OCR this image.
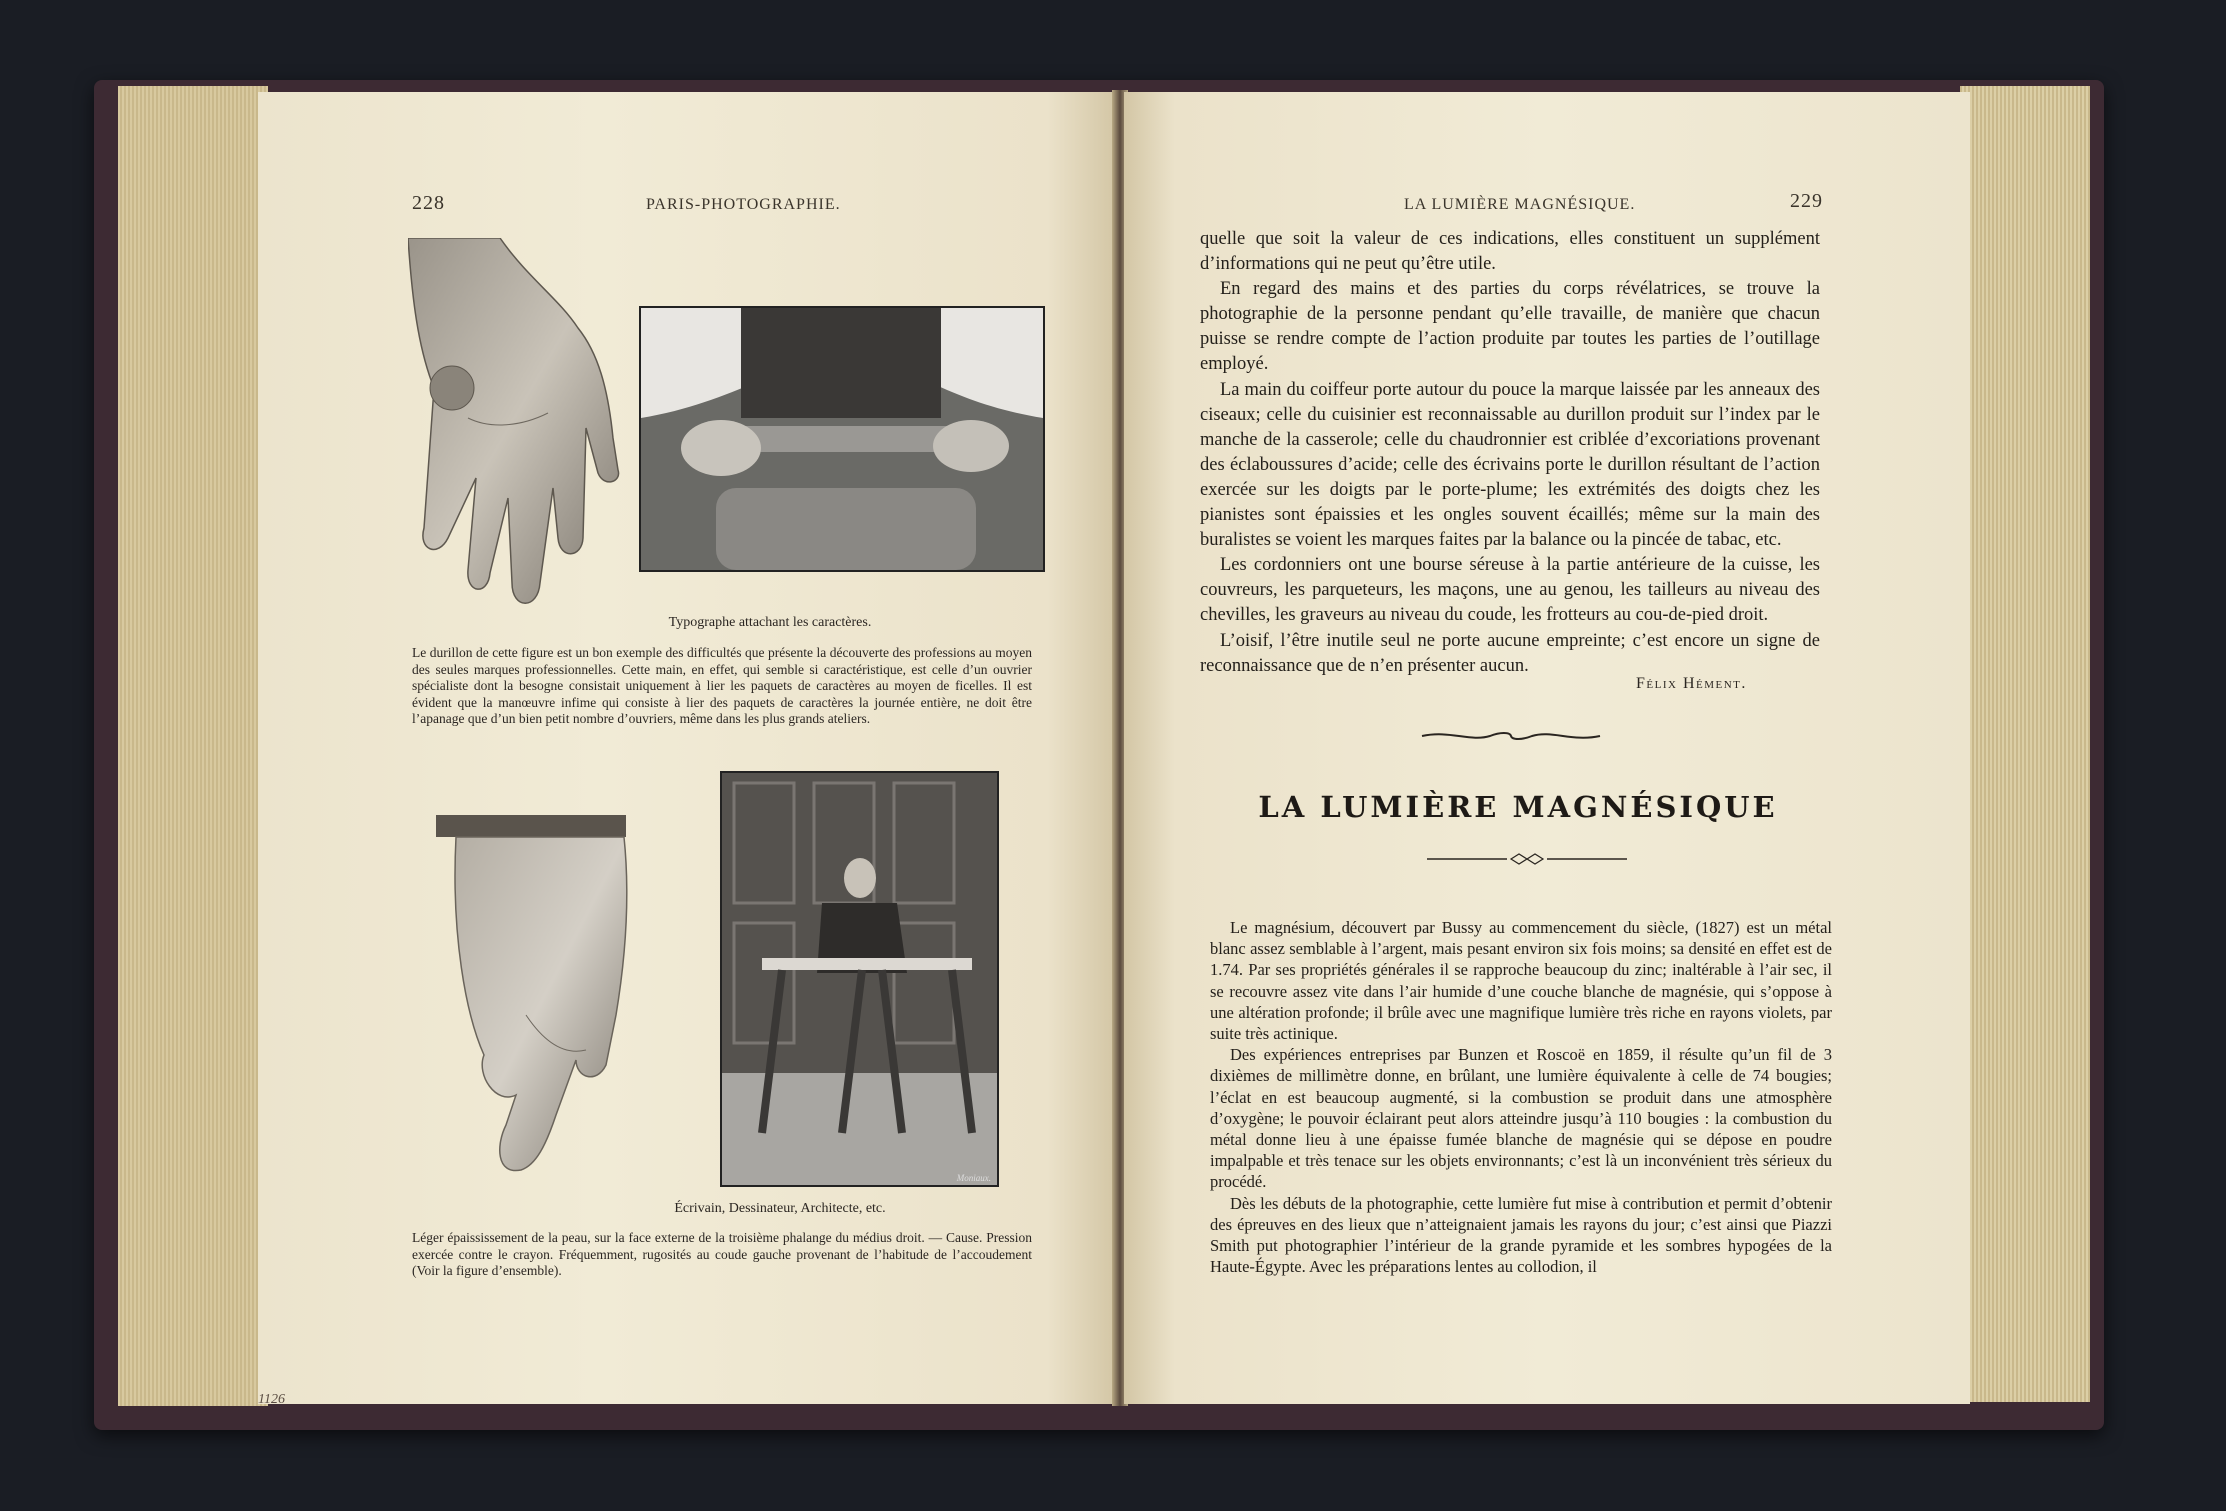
228	PARIS-PHOTOGRAPHIE.
Typographe attachant les caractères.
Le durillon de cette figure est un bon exemple des difficultés que présente la découverte des professions au moyen des seules marques professionnelles. Cette main, en effet, qui semble si caractéristique, est celle d’un ouvrier spécialiste dont la besogne consistait uniquement à lier les paquets de caractères au moyen de ficelles. Il est évident que la manœuvre infime qui consiste à lier des paquets de caractères la journée entière, ne doit être l’apanage que d’un bien petit nombre d’ouvriers, même dans les plus grands ateliers.
Moniaux.
Écrivain, Dessinateur, Architecte, etc.
Léger épaississement de la peau, sur la face externe de la troisième phalange du médius droit. — Cause. Pression exercée contre le crayon. Fréquemment, rugosités au coude gauche provenant de l’habitude de l’accoudement (Voir la figure d’ensemble).
1126
LA LUMIÈRE MAGNÉSIQUE.	229

quelle que soit la valeur de ces indications, elles constituent un supplément d’informations qui ne peut qu’être utile.

En regard des mains et des parties du corps révélatrices, se trouve la photographie de la personne pendant qu’elle travaille, de manière que chacun puisse se rendre compte de l’action produite par toutes les parties de l’outillage employé.

La main du coiffeur porte autour du pouce la marque laissée par les anneaux des ciseaux; celle du cuisinier est reconnaissable au durillon produit sur l’index par le manche de la casserole; celle du chaudronnier est criblée d’excoriations provenant des éclaboussures d’acide; celle des écrivains porte le durillon résultant de l’action exercée sur les doigts par le porte-plume; les extrémités des doigts chez les pianistes sont épaissies et les ongles souvent écaillés; même sur la main des buralistes se voient les marques faites par la balance ou la pincée de tabac, etc.

Les cordonniers ont une bourse séreuse à la partie antérieure de la cuisse, les couvreurs, les parqueteurs, les maçons, une au genou, les tailleurs au niveau des chevilles, les graveurs au niveau du coude, les frotteurs au cou-de-pied droit.

L’oisif, l’être inutile seul ne porte aucune empreinte; c’est encore un signe de reconnaissance que de n’en présenter aucun.

Félix Hément.
LA LUMIÈRE MAGNÉSIQUE

Le magnésium, découvert par Bussy au commencement du siècle, (1827) est un métal blanc assez semblable à l’argent, mais pesant environ six fois moins; sa densité en effet est de 1.74. Par ses propriétés générales il se rapproche beaucoup du zinc; inaltérable à l’air sec, il se recouvre assez vite dans l’air humide d’une couche blanche de magnésie, qui s’oppose à une altération profonde; il brûle avec une magnifique lumière très riche en rayons violets, par suite très actinique.

Des expériences entreprises par Bunzen et Roscoë en 1859, il résulte qu’un fil de 3 dixièmes de millimètre donne, en brûlant, une lumière équivalente à celle de 74 bougies; l’éclat en est beaucoup augmenté, si la combustion se produit dans une atmosphère d’oxygène; le pouvoir éclairant peut alors atteindre jusqu’à 110 bougies : la combustion du métal donne lieu à une épaisse fumée blanche de magnésie qui se dépose en poudre impalpable et très tenace sur les objets environnants; c’est là un inconvénient très sérieux du procédé.

Dès les débuts de la photographie, cette lumière fut mise à contribution et permit d’obtenir des épreuves en des lieux que n’atteignaient jamais les rayons du jour; c’est ainsi que Piazzi Smith put photographier l’intérieur de la grande pyramide et les sombres hypogées de la Haute-Égypte. Avec les préparations lentes au collodion, il
